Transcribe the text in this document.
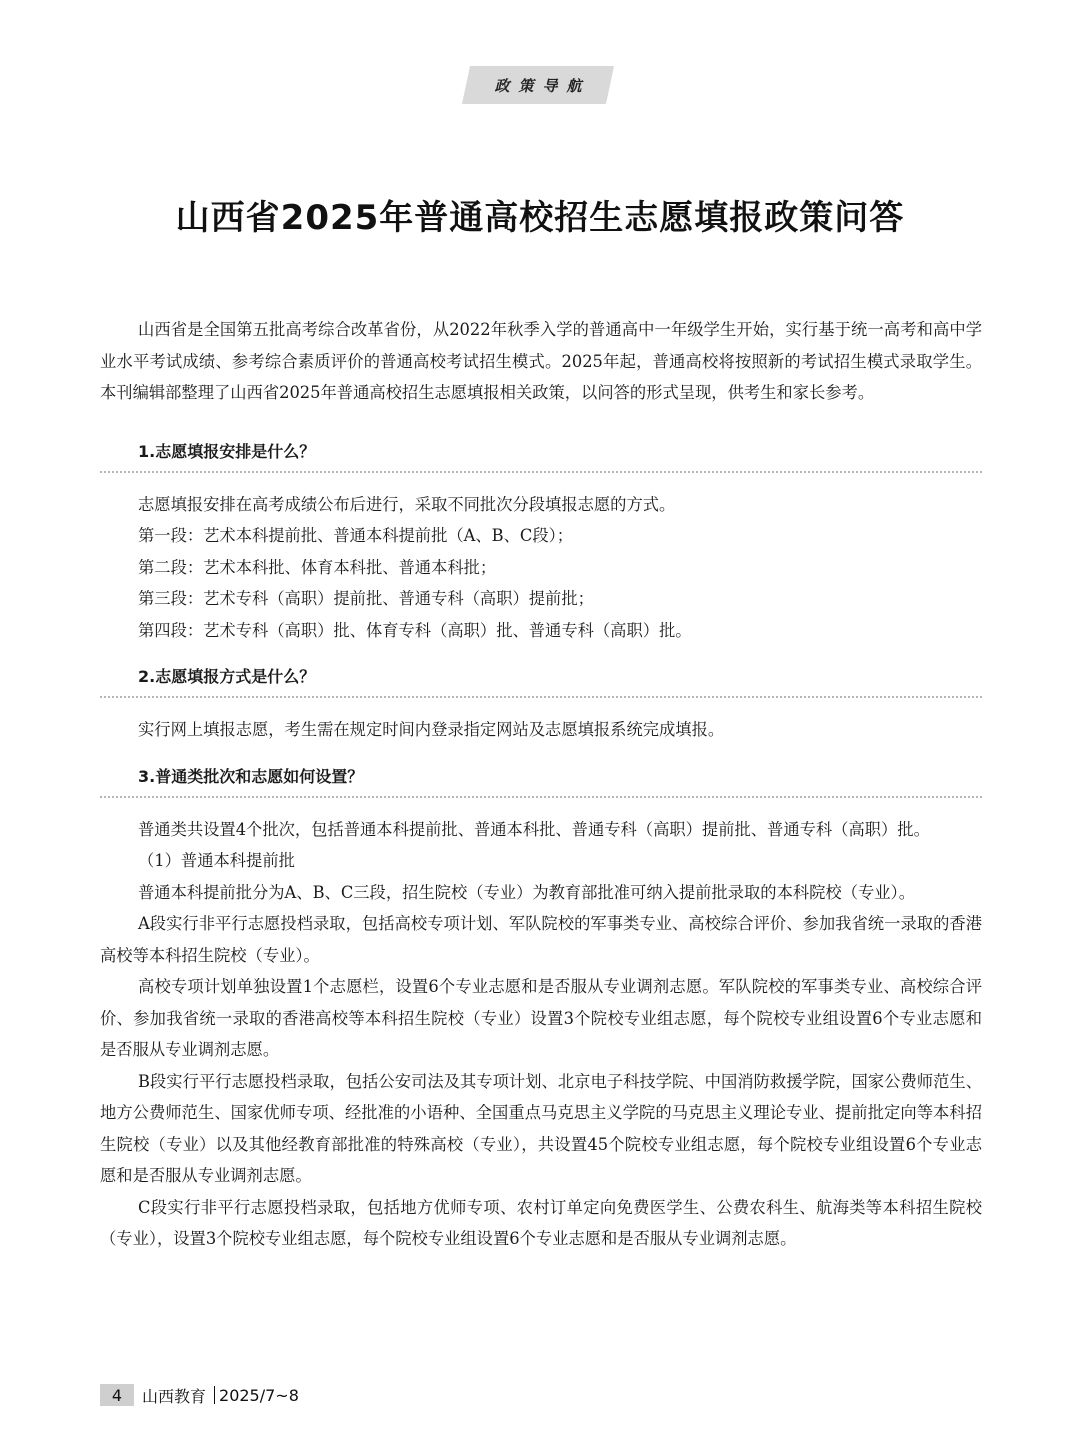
政策导航
山西省2025年普通高校招生志愿填报政策问答

山西省是全国第五批高考综合改革省份，从2022年秋季入学的普通高中一年级学生开始，实行基于统一高考和高中学业水平考试成绩、参考综合素质评价的普通高校考试招生模式。2025年起，普通高校将按照新的考试招生模式录取学生。本刊编辑部整理了山西省2025年普通高校招生志愿填报相关政策，以问答的形式呈现，供考生和家长参考。

1.志愿填报安排是什么？

志愿填报安排在高考成绩公布后进行，采取不同批次分段填报志愿的方式。

第一段：艺术本科提前批、普通本科提前批（A、B、C段）；

第二段：艺术本科批、体育本科批、普通本科批；

第三段：艺术专科（高职）提前批、普通专科（高职）提前批；

第四段：艺术专科（高职）批、体育专科（高职）批、普通专科（高职）批。

2.志愿填报方式是什么？

实行网上填报志愿，考生需在规定时间内登录指定网站及志愿填报系统完成填报。

3.普通类批次和志愿如何设置？

普通类共设置4个批次，包括普通本科提前批、普通本科批、普通专科（高职）提前批、普通专科（高职）批。

（1）普通本科提前批

普通本科提前批分为A、B、C三段，招生院校（专业）为教育部批准可纳入提前批录取的本科院校（专业）。

A段实行非平行志愿投档录取，包括高校专项计划、军队院校的军事类专业、高校综合评价、参加我省统一录取的香港高校等本科招生院校（专业）。

高校专项计划单独设置1个志愿栏，设置6个专业志愿和是否服从专业调剂志愿。军队院校的军事类专业、高校综合评价、参加我省统一录取的香港高校等本科招生院校（专业）设置3个院校专业组志愿，每个院校专业组设置6个专业志愿和是否服从专业调剂志愿。

B段实行平行志愿投档录取，包括公安司法及其专项计划、北京电子科技学院、中国消防救援学院，国家公费师范生、地方公费师范生、国家优师专项、经批准的小语种、全国重点马克思主义学院的马克思主义理论专业、提前批定向等本科招生院校（专业）以及其他经教育部批准的特殊高校（专业），共设置45个院校专业组志愿，每个院校专业组设置6个专业志愿和是否服从专业调剂志愿。

C段实行非平行志愿投档录取，包括地方优师专项、农村订单定向免费医学生、公费农科生、航海类等本科招生院校（专业），设置3个院校专业组志愿，每个院校专业组设置6个专业志愿和是否服从专业调剂志愿。

4	山西教育 2025/7~8
